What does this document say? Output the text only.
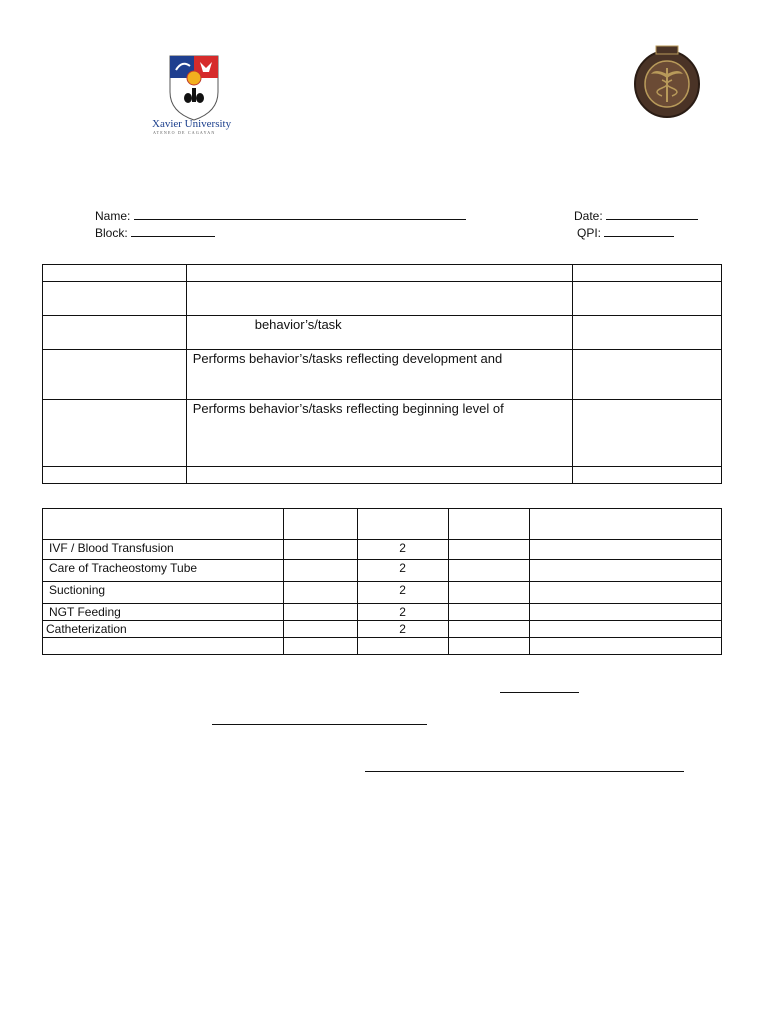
Xavier University
ATENEO DE CAGAYAN
Name:	Date:
Block:	QPI:

	behavior’s/task	
	Performs behavior’s/tasks reflecting development and	
	Performs behavior’s/tasks reflecting beginning level of	

IVF / Blood Transfusion		2		
Care of Tracheostomy Tube		2		
Suctioning		2		
NGT Feeding		2		
Catheterization		2		
